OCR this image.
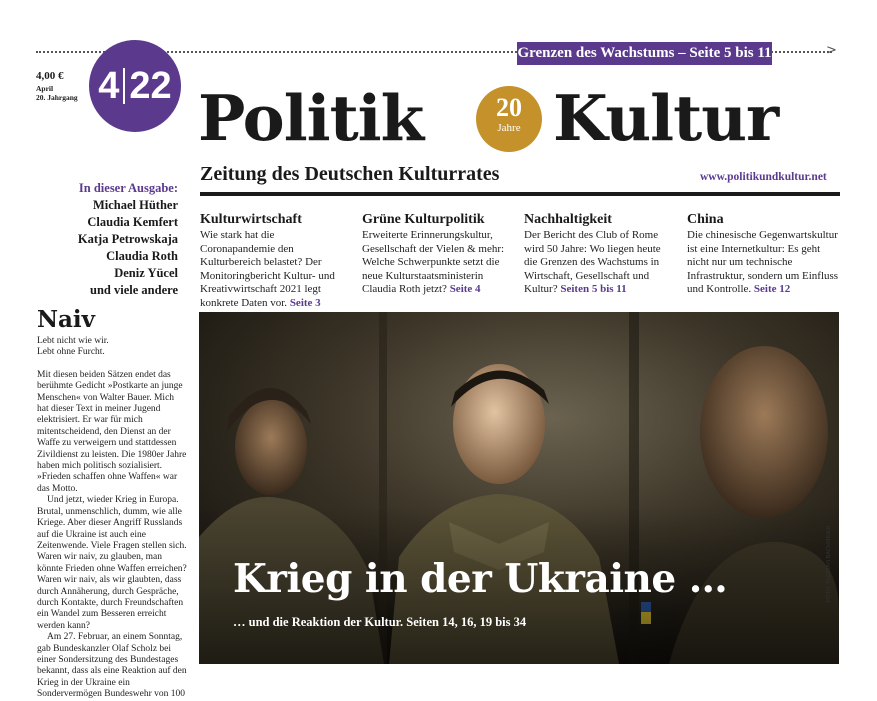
>
Grenzen des Wachstums – Seite 5 bis 11
4,00 €
April
20. Jahrgang 4 22 Politik	20
Jahre Kultur
Zeitung des Deutschen Kulturrates	www.politikundkultur.net
In dieser Ausgabe:
Michael Hüther
Claudia Kemfert
Katja Petrowskaja
Claudia Roth
Deniz Yücel
und viele andere
Kulturwirtschaft

Wie stark hat die Coronapandemie den Kulturbereich belastet? Der Monitoringbericht Kultur- und Kreativwirtschaft 2021 legt konkrete Daten vor. Seite 3

Grüne Kulturpolitik

Erweiterte Erinnerungskultur, Gesellschaft der Vielen & mehr: Welche Schwerpunkte setzt die neue Kulturstaatsministerin Claudia Roth jetzt? Seite 4

Nachhaltigkeit

Der Bericht des Club of Rome wird 50 Jahre: Wo liegen heute die Grenzen des Wachstums in Wirtschaft, Gesellschaft und Kultur? Seiten 5 bis 11

China

Die chinesische Gegenwartskultur ist eine Internetkultur: Es geht nicht nur um technische Infrastruktur, sondern um Einfluss und Kontrolle. Seite 12

Naiv

Lebt nicht wie wir.

Lebt ohne Furcht.

Mit diesen beiden Sätzen endet das berühmte Gedicht »Postkarte an junge Menschen« von Walter Bauer. Mich hat dieser Text in meiner Jugend elektrisiert. Er war für mich mitentscheidend, den Dienst an der Waffe zu verweigern und stattdessen Zivildienst zu leisten. Die 1980er Jahre haben mich politisch sozialisiert. »Frieden schaffen ohne Waffen« war das Motto.

Und jetzt, wieder Krieg in Europa. Brutal, unmenschlich, dumm, wie alle Kriege. Aber dieser Angriff Russlands auf die Ukraine ist auch eine Zeitenwende. Viele Fragen stellen sich. Waren wir naiv, zu glauben, man könnte Frieden ohne Waffen erreichen? Waren wir naiv, als wir glaubten, dass durch Annäherung, durch Gespräche, durch Kontakte, durch Freundschaften ein Wandel zum Besseren erreicht werden kann?

Am 27. Februar, an einem Sonntag, gab Bundeskanzler Olaf Scholz bei einer Sondersitzung des Bundestages bekannt, dass als eine Reaktion auf den Krieg in der Ukraine ein Sondervermögen Bundeswehr von 100

Krieg in der Ukraine …
… und die Reaktion der Kultur. Seiten 14, 16, 19 bis 34
FOTO: FLORIAN BACHMEIER
